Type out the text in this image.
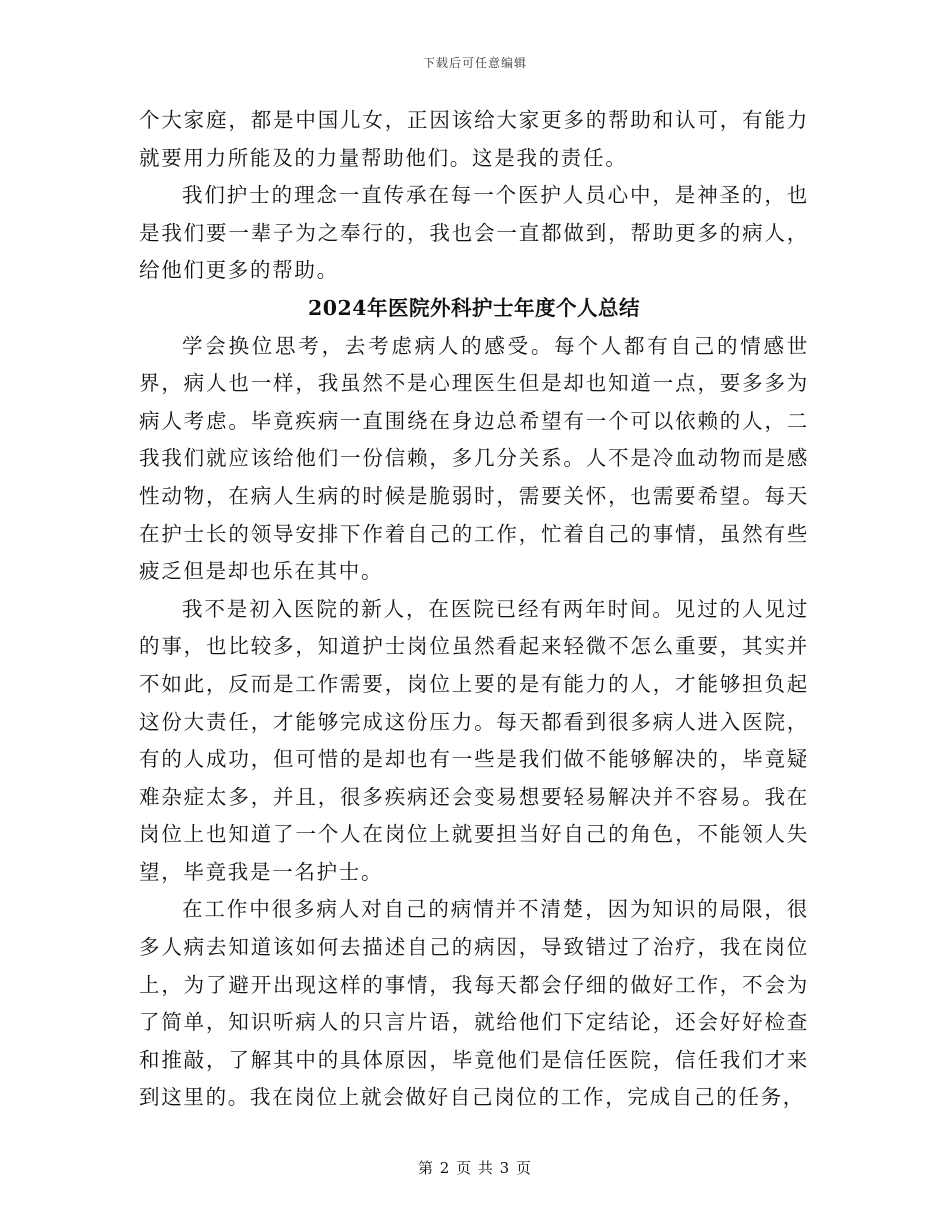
下载后可任意编辑

个大家庭，都是中国儿女，正因该给大家更多的帮助和认可，有能力就要用力所能及的力量帮助他们。这是我的责任。

我们护士的理念一直传承在每一个医护人员心中，是神圣的，也是我们要一辈子为之奉行的，我也会一直都做到，帮助更多的病人，给他们更多的帮助。

2024年医院外科护士年度个人总结

学会换位思考，去考虑病人的感受。每个人都有自己的情感世界，病人也一样，我虽然不是心理医生但是却也知道一点，要多多为病人考虑。毕竟疾病一直围绕在身边总希望有一个可以依赖的人，二我我们就应该给他们一份信赖，多几分关系。人不是冷血动物而是感性动物，在病人生病的时候是脆弱时，需要关怀，也需要希望。每天在护士长的领导安排下作着自己的工作，忙着自己的事情，虽然有些疲乏但是却也乐在其中。

我不是初入医院的新人，在医院已经有两年时间。见过的人见过的事，也比较多，知道护士岗位虽然看起来轻微不怎么重要，其实并不如此，反而是工作需要，岗位上要的是有能力的人，才能够担负起这份大责任，才能够完成这份压力。每天都看到很多病人进入医院，有的人成功，但可惜的是却也有一些是我们做不能够解决的，毕竟疑难杂症太多，并且，很多疾病还会变易想要轻易解决并不容易。我在岗位上也知道了一个人在岗位上就要担当好自己的角色，不能领人失望，毕竟我是一名护士。

在工作中很多病人对自己的病情并不清楚，因为知识的局限，很多人病去知道该如何去描述自己的病因，导致错过了治疗，我在岗位上，为了避开出现这样的事情，我每天都会仔细的做好工作，不会为了简单，知识听病人的只言片语，就给他们下定结论，还会好好检查和推敲，了解其中的具体原因，毕竟他们是信任医院，信任我们才来到这里的。我在岗位上就会做好自己岗位的工作，完成自己的任务，

第 2 页 共 3 页
